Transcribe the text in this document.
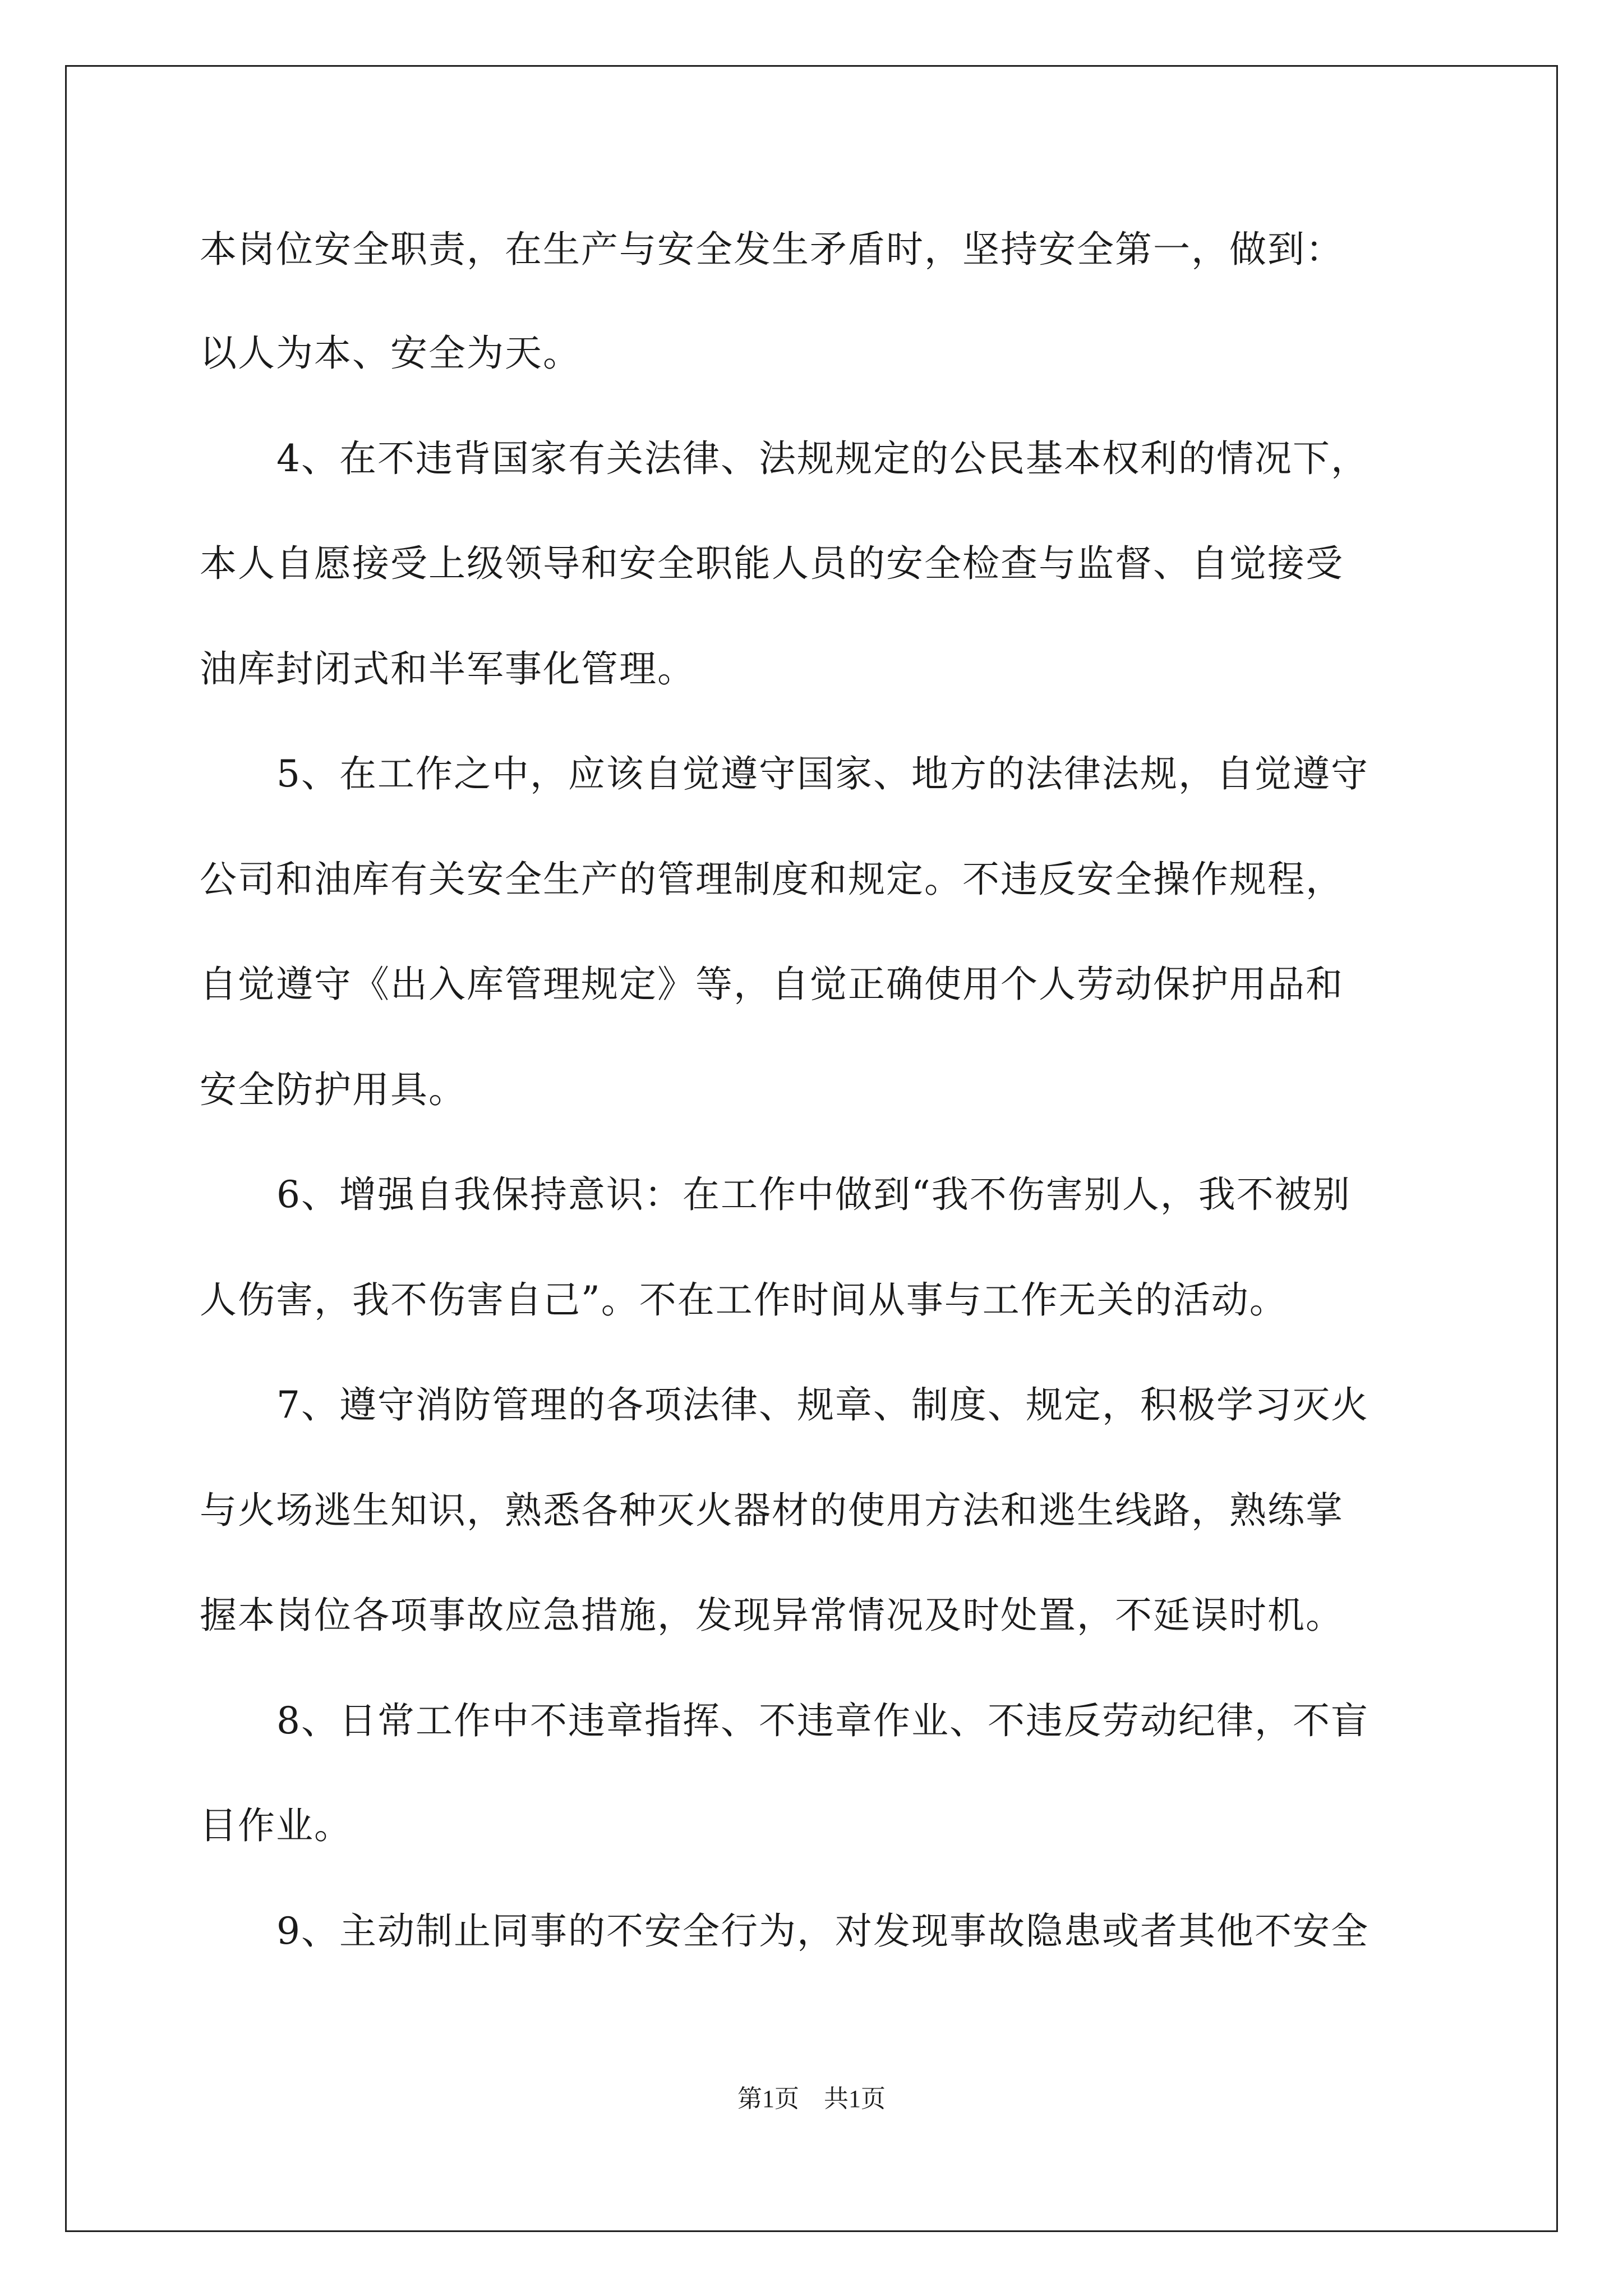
本岗位安全职责，在生产与安全发生矛盾时，坚持安全第一，做到：
以人为本、安全为天。
4、在不违背国家有关法律、法规规定的公民基本权利的情况下，
本人自愿接受上级领导和安全职能人员的安全检查与监督、自觉接受
油库封闭式和半军事化管理。
5、在工作之中，应该自觉遵守国家、地方的法律法规，自觉遵守
公司和油库有关安全生产的管理制度和规定。不违反安全操作规程，
自觉遵守《出入库管理规定》等，自觉正确使用个人劳动保护用品和
安全防护用具。
6、增强自我保持意识：在工作中做到“我不伤害别人，我不被别
人伤害，我不伤害自己”。不在工作时间从事与工作无关的活动。
7、遵守消防管理的各项法律、规章、制度、规定，积极学习灭火
与火场逃生知识，熟悉各种灭火器材的使用方法和逃生线路，熟练掌
握本岗位各项事故应急措施，发现异常情况及时处置，不延误时机。
8、日常工作中不违章指挥、不违章作业、不违反劳动纪律，不盲
目作业。
9、主动制止同事的不安全行为，对发现事故隐患或者其他不安全
第1页　共1页
